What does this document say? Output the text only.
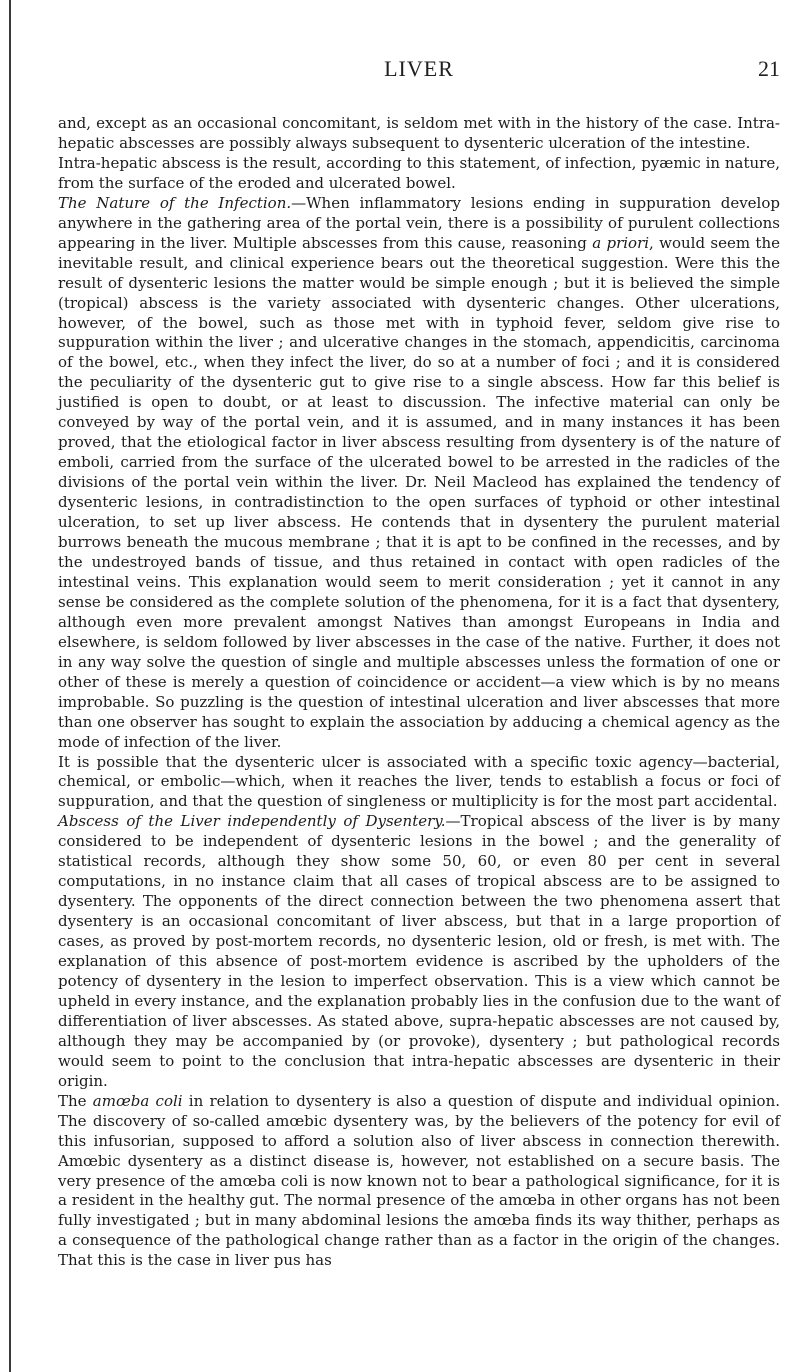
LIVER	21

and, except as an occasional concomitant, is seldom met with in the history of the case. Intra-hepatic abscesses are possibly always subsequent to dysenteric ulceration of the intestine.

Intra-hepatic abscess is the result, according to this statement, of infection, pyæmic in nature, from the surface of the eroded and ulcerated bowel.

The Nature of the Infection.—When inflammatory lesions ending in suppuration develop anywhere in the gathering area of the portal vein, there is a possibility of purulent collections appearing in the liver. Multiple abscesses from this cause, reasoning a priori, would seem the inevitable result, and clinical experience bears out the theoretical suggestion. Were this the result of dysenteric lesions the matter would be simple enough ; but it is believed the simple (tropical) abscess is the variety associated with dysenteric changes. Other ulcerations, however, of the bowel, such as those met with in typhoid fever, seldom give rise to suppuration within the liver ; and ulcerative changes in the stomach, appendicitis, carcinoma of the bowel, etc., when they infect the liver, do so at a number of foci ; and it is considered the peculiarity of the dysenteric gut to give rise to a single abscess. How far this belief is justified is open to doubt, or at least to discussion. The infective material can only be conveyed by way of the portal vein, and it is assumed, and in many instances it has been proved, that the etiological factor in liver abscess resulting from dysentery is of the nature of emboli, carried from the surface of the ulcerated bowel to be arrested in the radicles of the divisions of the portal vein within the liver. Dr. Neil Macleod has explained the tendency of dysenteric lesions, in contradistinction to the open surfaces of typhoid or other intestinal ulceration, to set up liver abscess. He contends that in dysentery the purulent material burrows beneath the mucous membrane ; that it is apt to be confined in the recesses, and by the undestroyed bands of tissue, and thus retained in contact with open radicles of the intestinal veins. This explanation would seem to merit consideration ; yet it cannot in any sense be considered as the complete solution of the phenomena, for it is a fact that dysentery, although even more prevalent amongst Natives than amongst Europeans in India and elsewhere, is seldom followed by liver abscesses in the case of the native. Further, it does not in any way solve the question of single and multiple abscesses unless the formation of one or other of these is merely a question of coincidence or accident—a view which is by no means improbable. So puzzling is the question of intestinal ulceration and liver abscesses that more than one observer has sought to explain the association by adducing a chemical agency as the mode of infection of the liver.

It is possible that the dysenteric ulcer is associated with a specific toxic agency—bacterial, chemical, or embolic—which, when it reaches the liver, tends to establish a focus or foci of suppuration, and that the question of singleness or multiplicity is for the most part accidental.

Abscess of the Liver independently of Dysentery.—Tropical abscess of the liver is by many considered to be independent of dysenteric lesions in the bowel ; and the generality of statistical records, although they show some 50, 60, or even 80 per cent in several computations, in no instance claim that all cases of tropical abscess are to be assigned to dysentery. The opponents of the direct connection between the two phenomena assert that dysentery is an occasional concomitant of liver abscess, but that in a large proportion of cases, as proved by post-mortem records, no dysenteric lesion, old or fresh, is met with. The explanation of this absence of post-mortem evidence is ascribed by the upholders of the potency of dysentery in the lesion to imperfect observation. This is a view which cannot be upheld in every instance, and the explanation probably lies in the confusion due to the want of differentiation of liver abscesses. As stated above, supra-hepatic abscesses are not caused by, although they may be accompanied by (or provoke), dysentery ; but pathological records would seem to point to the conclusion that intra-hepatic abscesses are dysenteric in their origin.

The amœba coli in relation to dysentery is also a question of dispute and individual opinion. The discovery of so-called amœbic dysentery was, by the believers of the potency for evil of this infusorian, supposed to afford a solution also of liver abscess in connection therewith. Amœbic dysentery as a distinct disease is, however, not established on a secure basis. The very presence of the amœba coli is now known not to bear a pathological significance, for it is a resident in the healthy gut. The normal presence of the amœba in other organs has not been fully investigated ; but in many abdominal lesions the amœba finds its way thither, perhaps as a consequence of the pathological change rather than as a factor in the origin of the changes. That this is the case in liver pus has
